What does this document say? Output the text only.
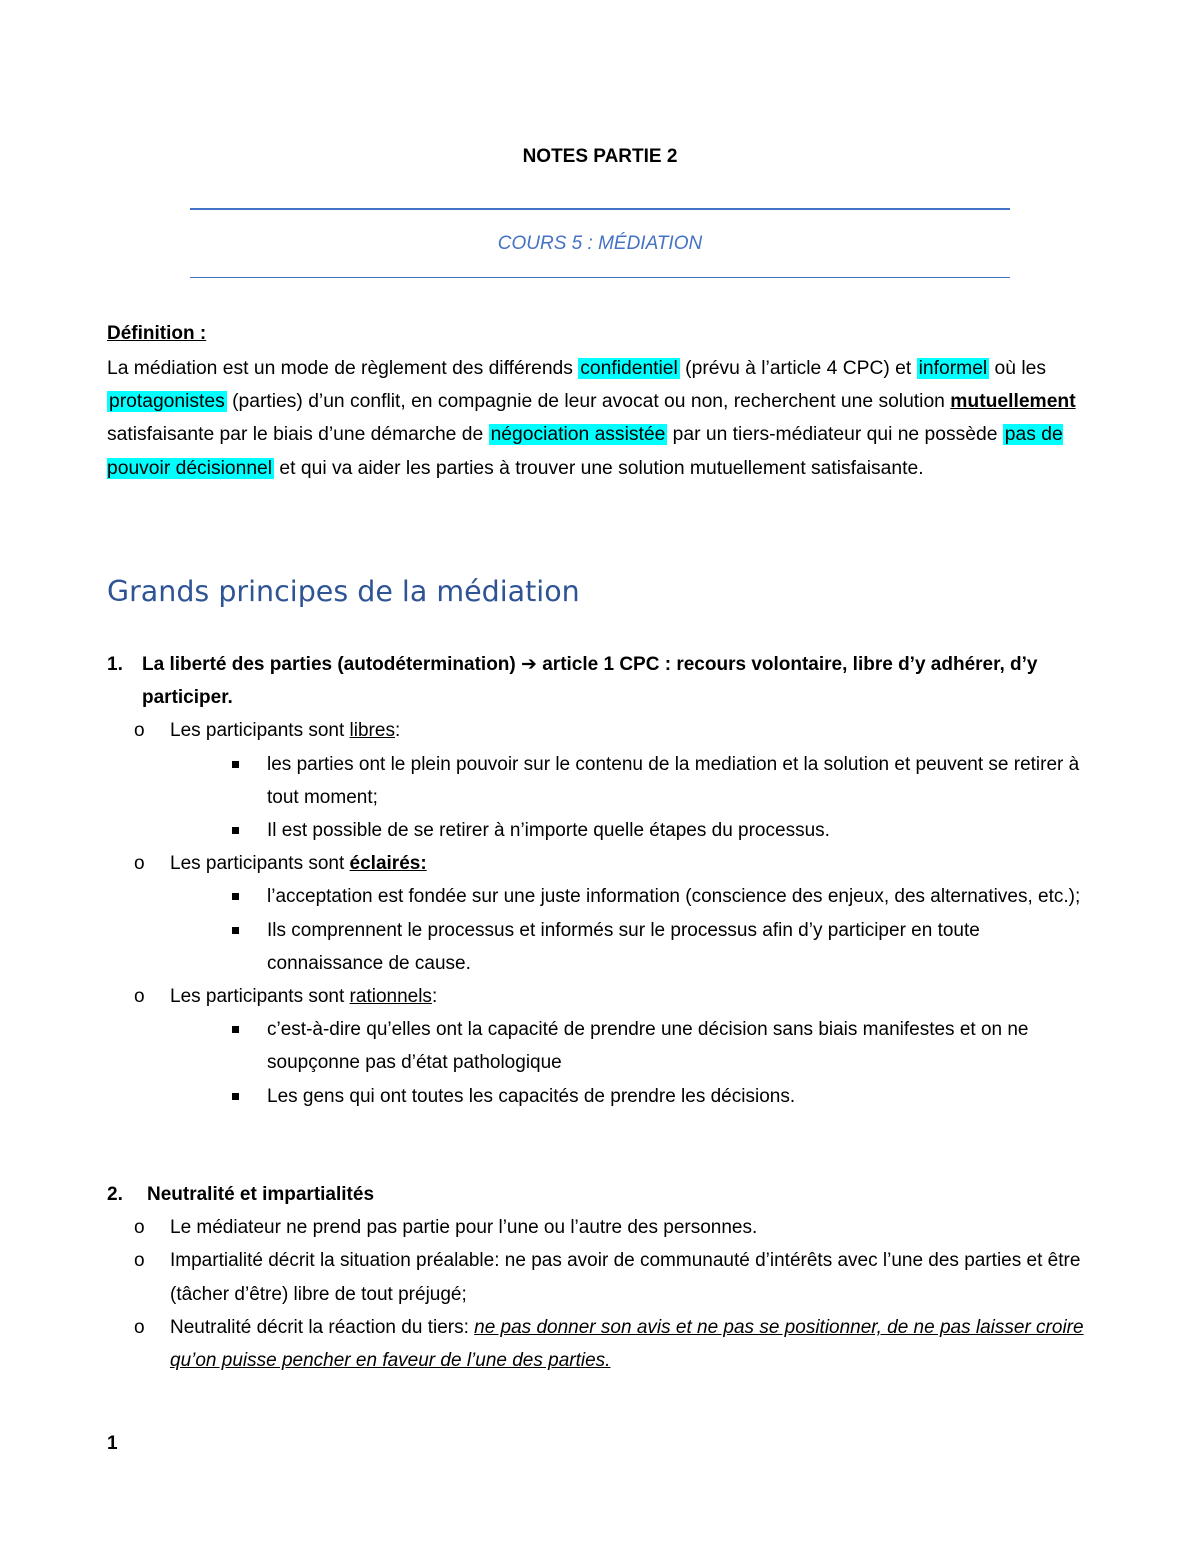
NOTES PARTIE 2
COURS 5 : MÉDIATION
Définition :
La médiation est un mode de règlement des différends confidentiel (prévu à l’article 4 CPC) et informel où les protagonistes (parties) d’un conflit, en compagnie de leur avocat ou non, recherchent une solution mutuellement satisfaisante par le biais d’une démarche de négociation assistée par un tiers-médiateur qui ne possède pas de pouvoir décisionnel et qui va aider les parties à trouver une solution mutuellement satisfaisante.
Grands principes de la médiation
1.	La liberté des parties (autodétermination) ➔ article 1 CPC : recours volontaire, libre d’y adhérer, d’y participer.
o	Les participants sont libres:
les parties ont le plein pouvoir sur le contenu de la mediation et la solution et peuvent se retirer à tout moment;
Il est possible de se retirer à n’importe quelle étapes du processus.
o	Les participants sont éclairés:
l’acceptation est fondée sur une juste information (conscience des enjeux, des alternatives, etc.);
Ils comprennent le processus et informés sur le processus afin d’y participer en toute connaissance de cause.
o	Les participants sont rationnels:
c’est-à-dire qu’elles ont la capacité de prendre une décision sans biais manifestes et on ne soupçonne pas d’état pathologique
Les gens qui ont toutes les capacités de prendre les décisions.
2.	Neutralité et impartialités
o	Le médiateur ne prend pas partie pour l’une ou l’autre des personnes.
o	Impartialité décrit la situation préalable: ne pas avoir de communauté d’intérêts avec l’une des parties et être (tâcher d’être) libre de tout préjugé;
o	Neutralité décrit la réaction du tiers: ne pas donner son avis et ne pas se positionner, de ne pas laisser croire qu’on puisse pencher en faveur de l’une des parties.
1
